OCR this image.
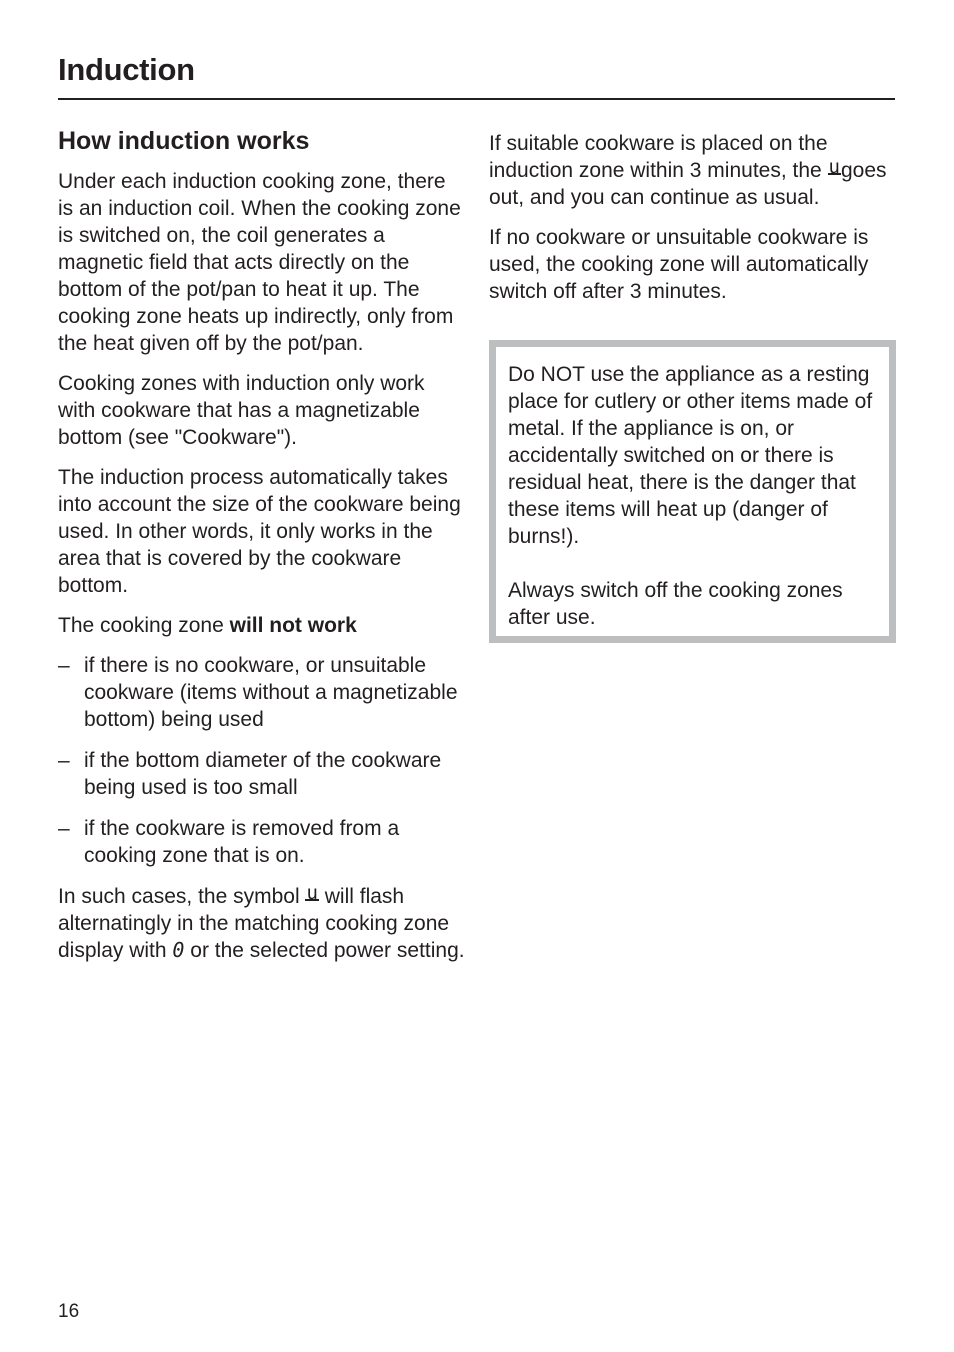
Induction
How induction works

Under each induction cooking zone, there is an induction coil. When the cooking zone is switched on, the coil generates a magnetic field that acts directly on the bottom of the pot/pan to heat it up. The cooking zone heats up indirectly, only from the heat given off by the pot/pan.

Cooking zones with induction only work with cookware that has a magnetizable bottom (see "Cookware").

The induction process automatically takes into account the size of the cookware being used. In other words, it only works in the area that is covered by the cookware bottom.

The cooking zone will not work

– if there is no cookware, or unsuitable cookware (items without a magnetizable bottom) being used
– if the bottom diameter of the cookware being used is too small
– if the cookware is removed from a cooking zone that is on.

In such cases, the symbol u will flash alternatingly in the matching cooking zone display with 0 or the selected power setting.

If suitable cookware is placed on the induction zone within 3 minutes, the ugoes out, and you can continue as usual.

If no cookware or unsuitable cookware is used, the cooking zone will automatically switch off after 3 minutes.

Do NOT use the appliance as a resting place for cutlery or other items made of metal. If the appliance is on, or accidentally switched on or there is residual heat, there is the danger that these items will heat up (danger of burns!).

Always switch off the cooking zones after use.

16
